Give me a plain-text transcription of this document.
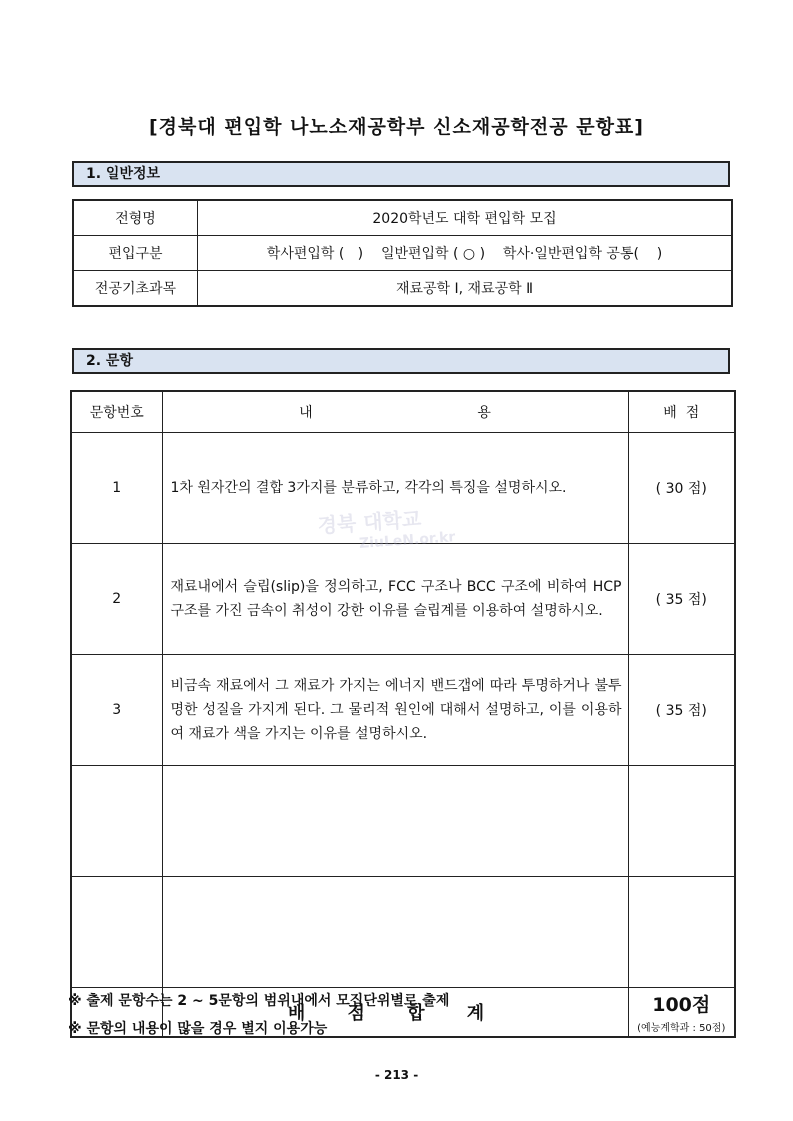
[경북대 편입학 나노소재공학부 신소재공학전공 문항표]
1. 일반정보
전형명	2020학년도 대학 편입학 모집
편입구분	학사편입학 (   )    일반편입학 ( ○ )    학사·일반편입학 공통(    )
전공기초과목	재료공학 Ⅰ, 재료공학 Ⅱ
2. 문항
문항번호	내                                     용	배  점
1	1차 원자간의 결합 3가지를 분류하고, 각각의 특징을 설명하시오.	( 30 점)
2	재료내에서 슬립(slip)을 정의하고, FCC 구조나 BCC 구조에 비하여 HCP 구조를 가진 금속이 취성이 강한 이유를 슬립계를 이용하여 설명하시오.	( 35 점)
3	비금속 재료에서 그 재료가 가지는 에너지 밴드갭에 따라 투명하거나 불투명한 성질을 가지게 된다. 그 물리적 원인에 대해서 설명하고, 이를 이용하여 재료가 색을 가지는 이유를 설명하시오.	( 35 점)

	배 점 합 계	100점
(예능계학과 : 50점)
※ 출제 문항수는 2 ~ 5문항의 범위내에서 모집단위별로 출제
※ 문항의 내용이 많을 경우 별지 이용가능
- 213 -
경북 대학교
ZiuLeN.or.kr
